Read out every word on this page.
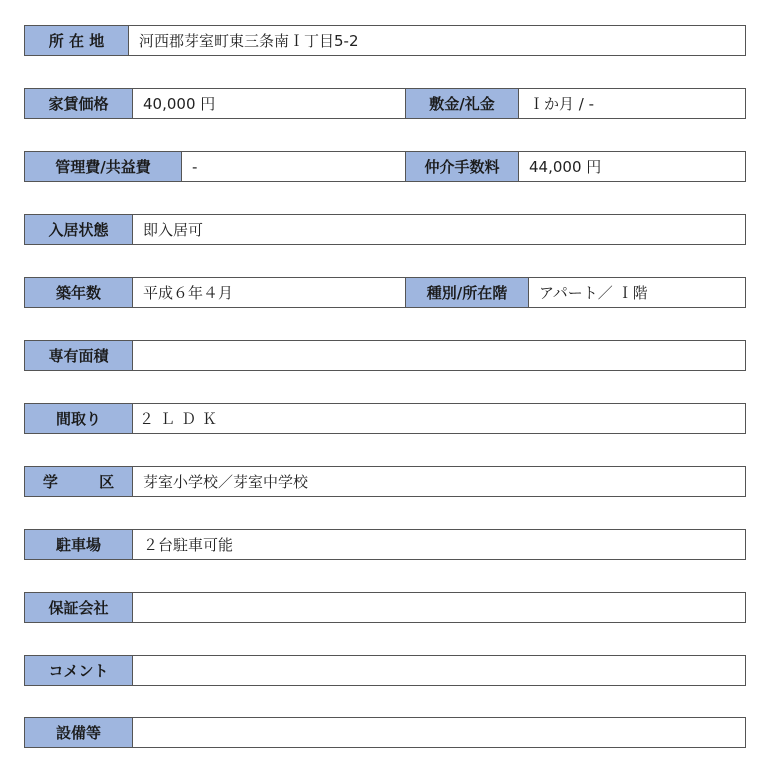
所 在 地	河西郡芽室町東三条南Ｉ丁目5-2
家賃価格	40,000 円	敷金/礼金	Ｉか月 / -
管理費/共益費	-	仲介手数料	44,000 円
入居状態	即入居可
築年数	平成６年４月	種別/所在階	アパート／ Ｉ階
専有面積
間取り	２ＬＤＫ
学 区 芽室小学校／芽室中学校
駐車場	２台駐車可能
保証会社
コメント
設備等
